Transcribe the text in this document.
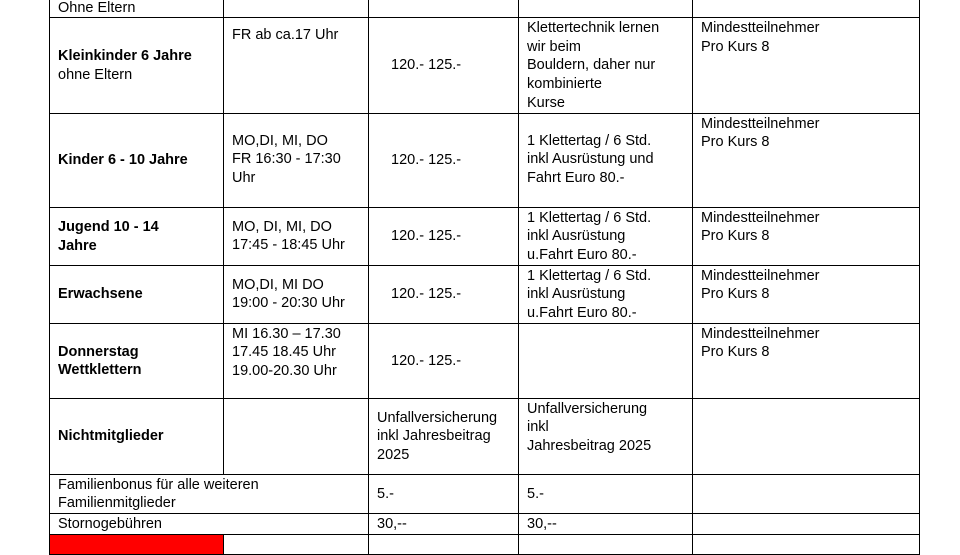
Ohne Eltern

Kleinkinder 6 Jahre
ohne Eltern	FR ab ca.17 Uhr	120.- 125.-	Klettertechnik lernen
wir beim
Bouldern, daher nur
kombinierte
Kurse	Mindestteilnehmer
Pro Kurs 8
Kinder 6 - 10 Jahre	MO,DI, MI, DO
FR 16:30 - 17:30
Uhr	120.- 125.-	1 Klettertag / 6 Std.
inkl Ausrüstung und
Fahrt Euro 80.-	Mindestteilnehmer
Pro Kurs 8
Jugend 10 - 14
Jahre	MO, DI, MI, DO
17:45 - 18:45 Uhr	120.- 125.-	1 Klettertag / 6 Std.
inkl Ausrüstung
u.Fahrt Euro 80.-	Mindestteilnehmer
Pro Kurs 8
Erwachsene	MO,DI, MI DO
19:00 - 20:30 Uhr	120.- 125.-	1 Klettertag / 6 Std.
inkl Ausrüstung
u.Fahrt Euro 80.-	Mindestteilnehmer
Pro Kurs 8
Donnerstag
Wettklettern	MI 16.30 – 17.30
17.45 18.45 Uhr
19.00-20.30 Uhr	120.- 125.-		Mindestteilnehmer
Pro Kurs 8
Nichtmitglieder		Unfallversicherung
inkl Jahresbeitrag
2025	Unfallversicherung
inkl
Jahresbeitrag 2025	
Familienbonus für alle weiteren
Familienmitglieder		5.-	5.-	
Stornogebühren		30,--	30,--	
